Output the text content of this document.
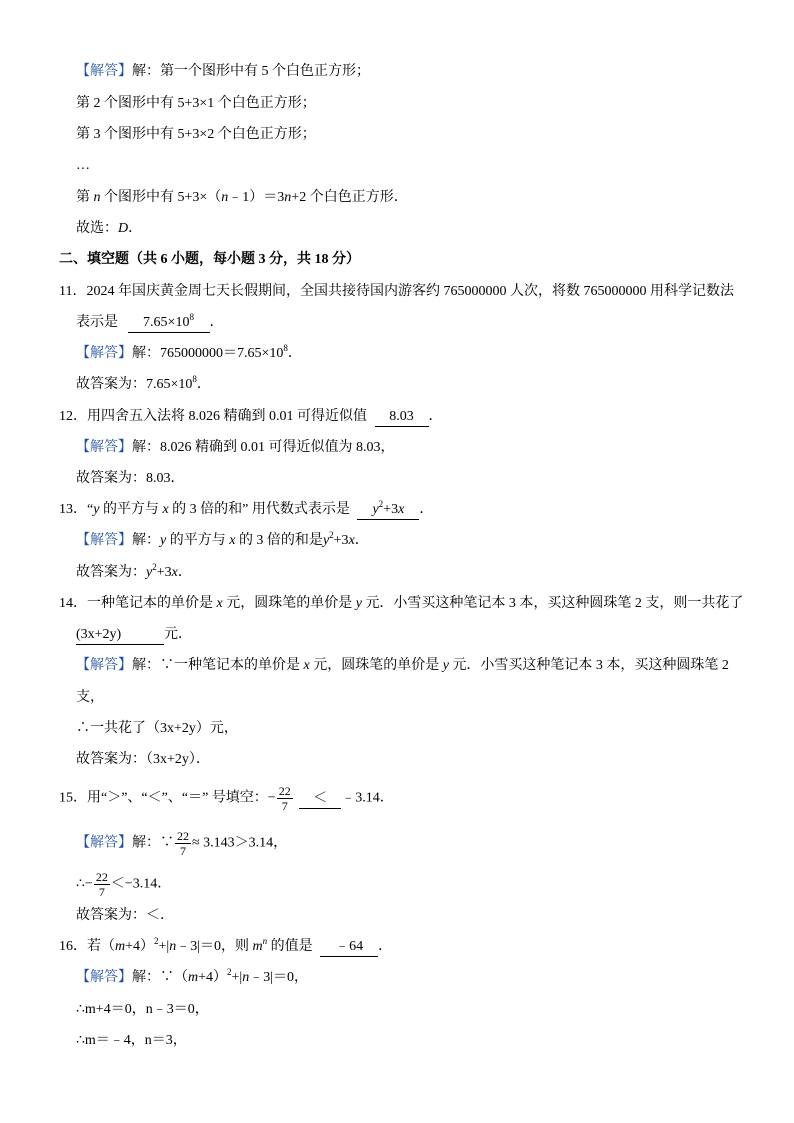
【解答】解：第一个图形中有 5 个白色正方形；
第 2 个图形中有 5+3×1 个白色正方形；
第 3 个图形中有 5+3×2 个白色正方形；
…
第 n 个图形中有 5+3×（n﹣1）＝3n+2 个白色正方形．
故选：D．
二、填空题（共 6 小题，每小题 3 分，共 18 分）
11．2024 年国庆黄金周七天长假期间，全国共接待国内游客约 765000000 人次，将数 765000000 用科学记数法
表示是 $7.65\times 10^8$ ．
【解答】解：$765000000=7.65\times 10^8$．
故答案为：$7.65\times 10^8$．
12．用四舍五入法将 8.026 精确到 0.01 可得近似值 8.03 ．
【解答】解：8.026 精确到 0.01 可得近似值为 8.03，
故答案为：8.03．
13．“y 的平方与 x 的 3 倍的和” 用代数式表示是 $y^2+3x$ ．
【解答】解：y 的平方与 x 的 3 倍的和是$y^2+3x$．
故答案为：$y^2+3x$．
14．一种笔记本的单价是 x 元，圆珠笔的单价是 y 元．小雪买这种笔记本 3 本，买这种圆珠笔 2 支，则一共花了
(3x+2y)	元．
【解答】解：∵一种笔记本的单价是 x 元，圆珠笔的单价是 y 元．小雪买这种笔记本 3 本，买这种圆珠笔 2
支，
∴一共花了（3x+2y）元，
故答案为：（3x+2y）．
15．用“＞”、“＜”、“＝” 号填空：− $\frac{22}{7}$ ＜ ﹣3.14．
【解答】解：∵ $\frac{22}{7} \approx 3.143>3.14$，
∴− $\frac{22}{7} <-3.14$．
故答案为：＜．
16．若$(m+4)^2+|n﹣3|=0$，则 $m^n$ 的值是 ﹣64 ．
【解答】解：$\because(m+4)^2+|n﹣3|=0$，
∴m+4＝0，n﹣3＝0，
∴m＝﹣4，n＝3，
